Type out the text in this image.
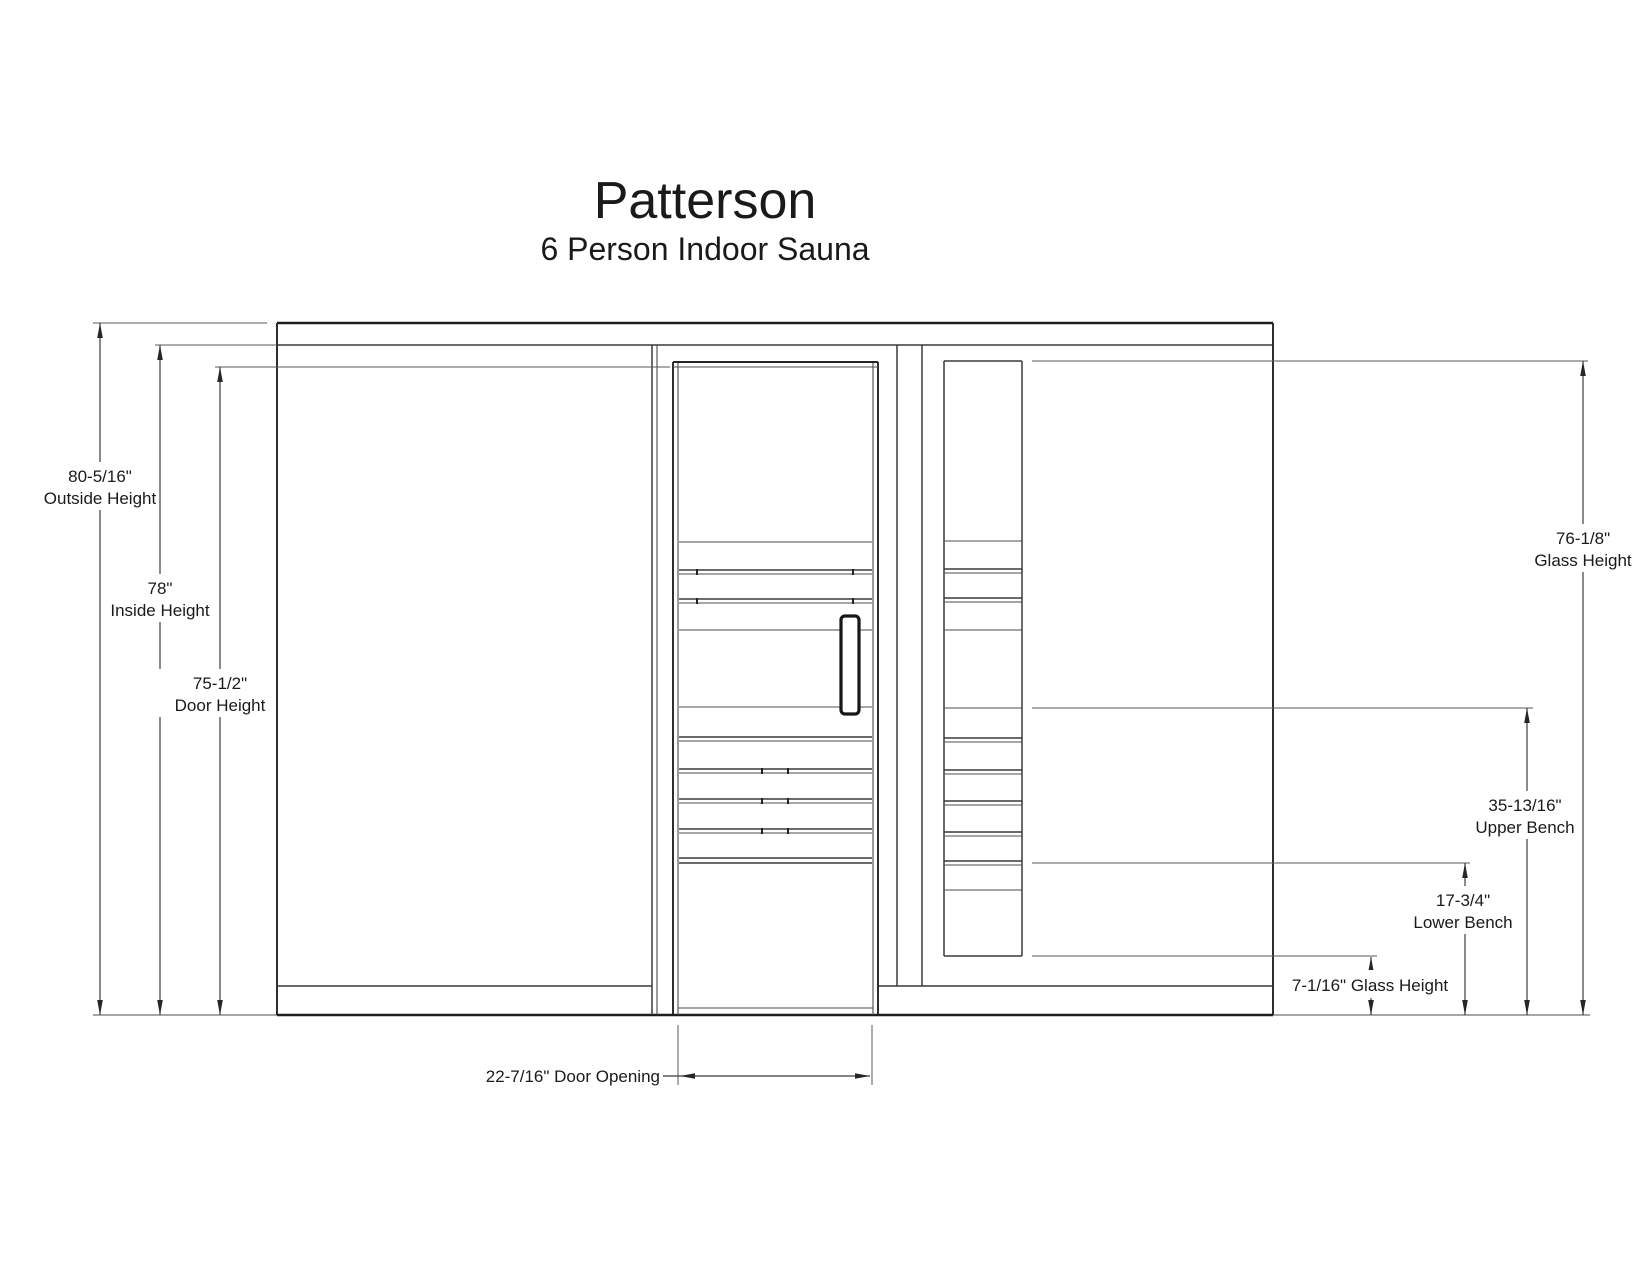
Patterson
6 Person Indoor Sauna
80-5/16"
Outside Height
78"
Inside Height
75-1/2"
Door Height
76-1/8"
Glass Height
35-13/16"
Upper Bench
17-3/4"
Lower Bench
7-1/16" Glass Height
22-7/16" Door Opening
